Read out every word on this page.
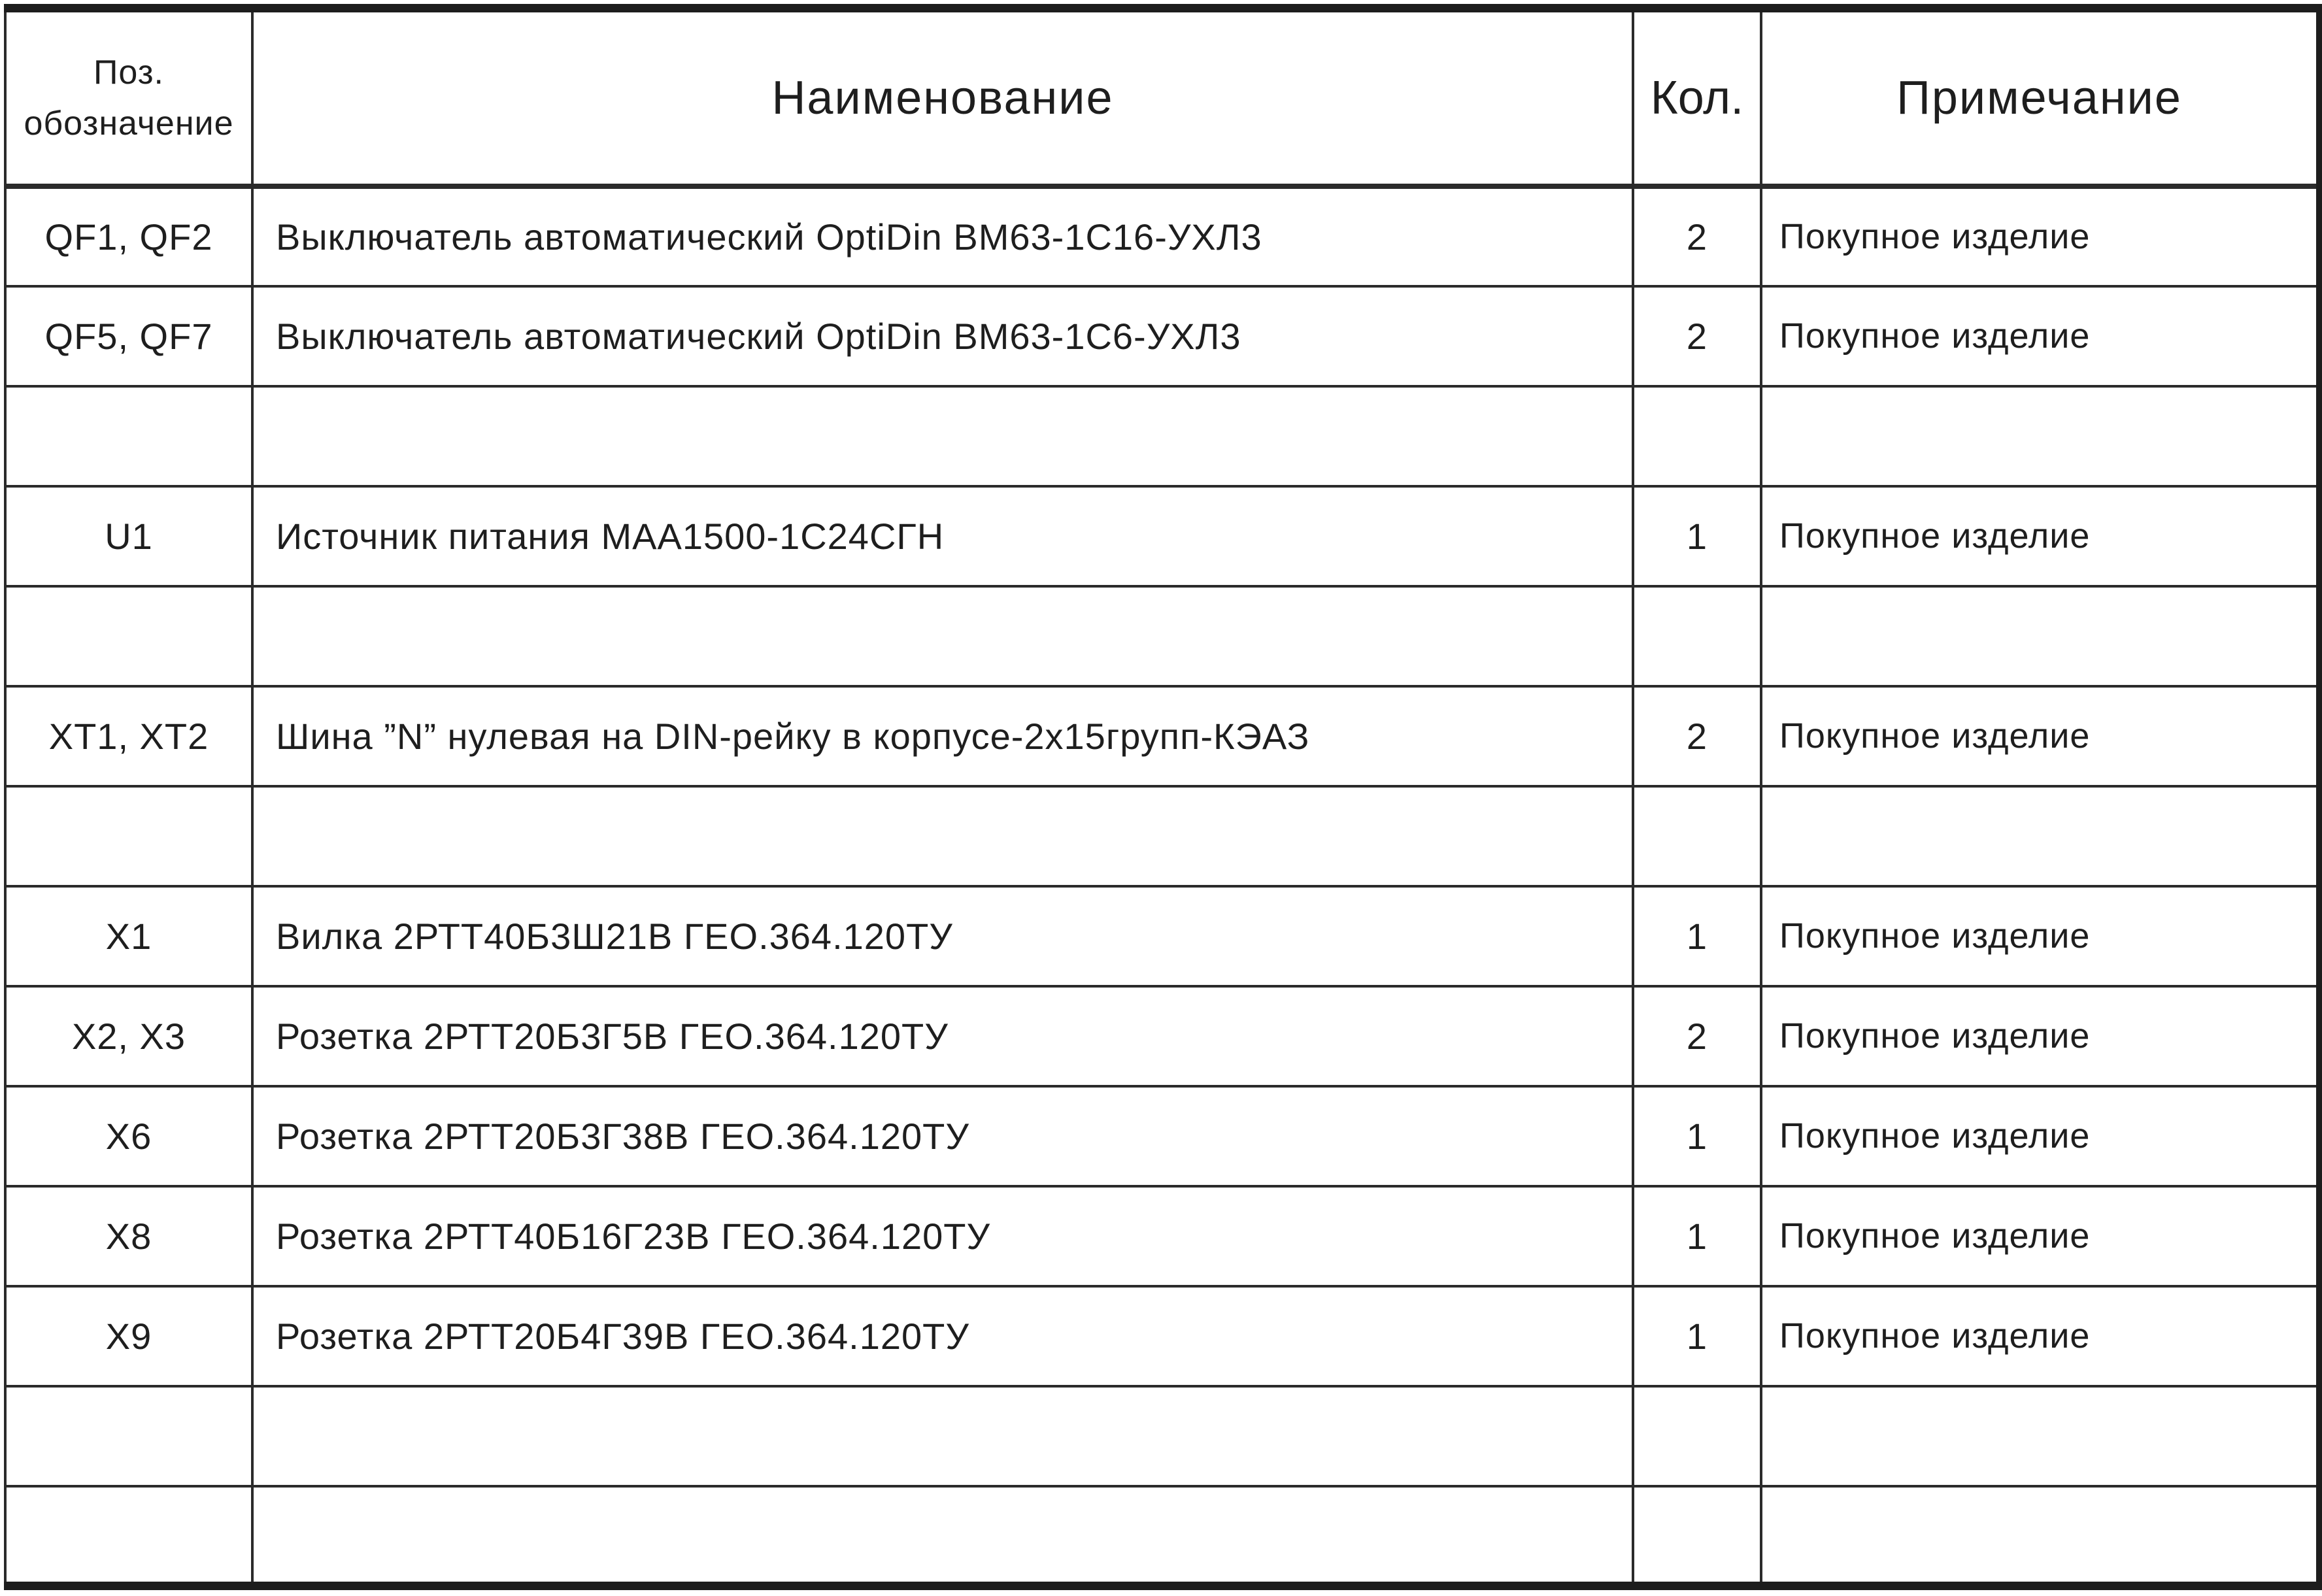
Поз.
обозначение	Наименование	Кол.	Примечание
QF1, QF2	Выключатель автоматический OptiDin ВМ63-1С16-УХЛ3	2	Покупное изделие
QF5, QF7	Выключатель автоматический OptiDin ВМ63-1С6-УХЛ3	2	Покупное изделие

U1	Источник питания МАА1500-1С24СГН	1	Покупное изделие

XT1, XT2	Шина ”N” нулевая на DIN-рейку в корпусе-2х15групп-КЭАЗ	2	Покупное изделие

X1	Вилка 2РТТ40Б3Ш21В ГЕО.364.120ТУ	1	Покупное изделие
X2, X3	Розетка 2РТТ20Б3Г5В ГЕО.364.120ТУ	2	Покупное изделие
X6	Розетка 2РТТ20Б3Г38В ГЕО.364.120ТУ	1	Покупное изделие
X8	Розетка 2РТТ40Б16Г23В ГЕО.364.120ТУ	1	Покупное изделие
X9	Розетка 2РТТ20Б4Г39В ГЕО.364.120ТУ	1	Покупное изделие
